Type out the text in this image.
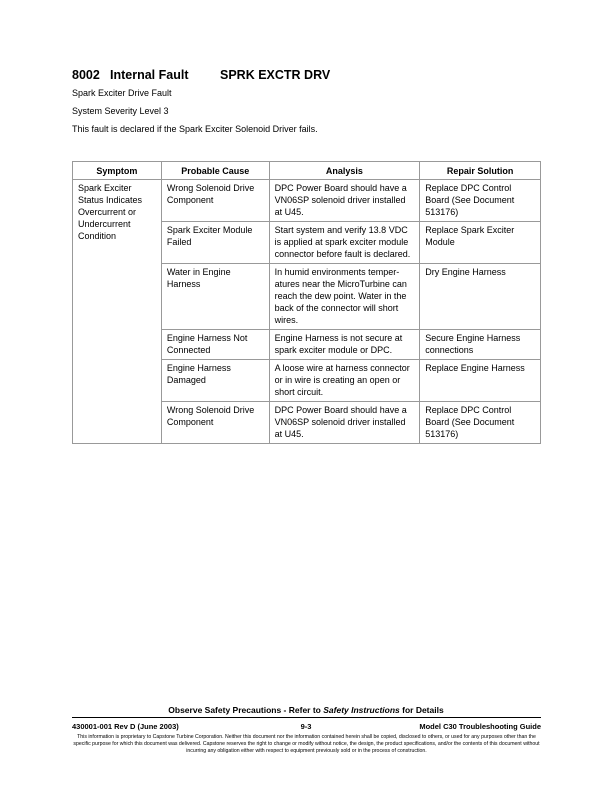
8002 Internal Fault	SPRK EXCTR DRV
Spark Exciter Drive Fault
System Severity Level 3
This fault is declared if the Spark Exciter Solenoid Driver fails.
Symptom	Probable Cause	Analysis	Repair Solution
Spark Exciter Status Indicates Overcurrent or Undercurrent Condition	Wrong Solenoid Drive Component	DPC Power Board should have a VN06SP solenoid driver installed at U45.	Replace DPC Control Board (See Document 513176)
	Spark Exciter Module Failed	Start system and verify 13.8 VDC is applied at spark exciter module connector before fault is declared.	Replace Spark Exciter Module
	Water in Engine Harness	In humid environments temper-atures near the MicroTurbine can reach the dew point. Water in the back of the connector will short wires.	Dry Engine Harness
	Engine Harness Not Connected	Engine Harness is not secure at spark exciter module or DPC.	Secure Engine Harness connections
	Engine Harness Damaged	A loose wire at harness connector or in wire is creating an open or short circuit.	Replace Engine Harness
	Wrong Solenoid Drive Component	DPC Power Board should have a VN06SP solenoid driver installed at U45.	Replace DPC Control Board (See Document 513176)
Observe Safety Precautions - Refer to Safety Instructions for Details
430001-001 Rev D (June 2003)	9-3	Model C30 Troubleshooting Guide
This information is proprietary to Capstone Turbine Corporation. Neither this document nor the information contained herein shall be copied, disclosed to others, or used for any purposes other than the specific purpose for which this document was delivered. Capstone reserves the right to change or modify without notice, the design, the product specifications, and/or the contents of this document without incurring any obligation either with respect to equipment previously sold or in the process of construction.
